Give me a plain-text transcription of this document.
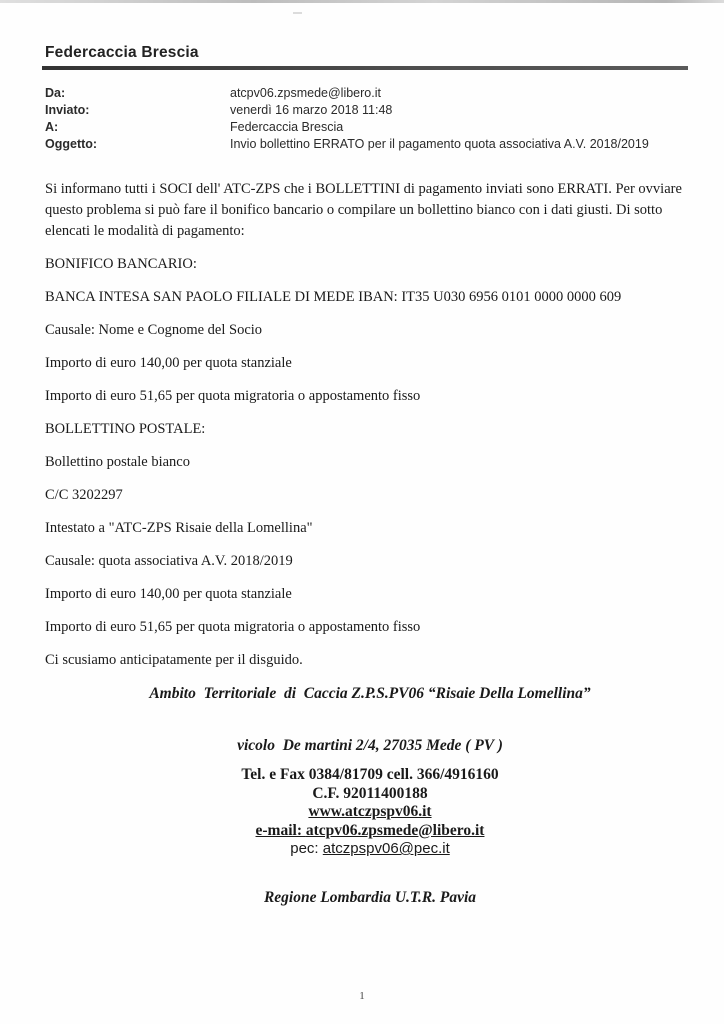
Federcaccia Brescia
Da:	atcpv06.zpsmede@libero.it
Inviato:	venerdì 16 marzo 2018 11:48
A:	Federcaccia Brescia
Oggetto:	Invio bollettino ERRATO per il pagamento quota associativa A.V. 2018/2019

Si informano tutti i SOCI dell' ATC-ZPS che i BOLLETTINI di pagamento inviati sono ERRATI. Per ovviare questo problema si può fare il bonifico bancario o compilare un bollettino bianco con i dati giusti. Di sotto elencati le modalità di pagamento:

BONIFICO BANCARIO:

BANCA INTESA SAN PAOLO FILIALE DI MEDE IBAN: IT35 U030 6956 0101 0000 0000 609

Causale: Nome e Cognome del Socio

Importo di euro 140,00 per quota stanziale

Importo di euro 51,65 per quota migratoria o appostamento fisso

BOLLETTINO POSTALE:

Bollettino postale bianco

C/C 3202297

Intestato a "ATC-ZPS Risaie della Lomellina"

Causale: quota associativa A.V. 2018/2019

Importo di euro 140,00 per quota stanziale

Importo di euro 51,65 per quota migratoria o appostamento fisso

Ci scusiamo anticipatamente per il disguido.

Ambito  Territoriale  di  Caccia Z.P.S.PV06 “Risaie Della Lomellina”
vicolo  De martini 2/4, 27035 Mede ( PV )
Tel. e Fax 0384/81709 cell. 366/4916160
C.F. 92011400188
www.atczpspv06.it
e-mail: atcpv06.zpsmede@libero.it
pec: atczpspv06@pec.it
Regione Lombardia U.T.R. Pavia
1
